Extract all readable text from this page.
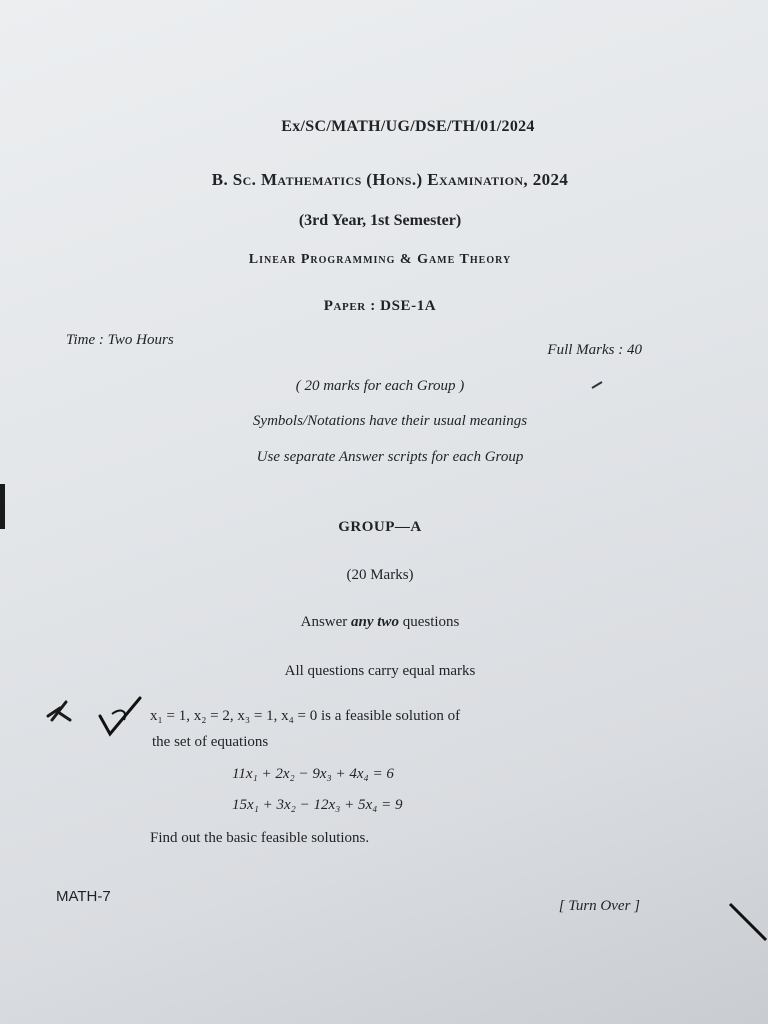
Ex/SC/MATH/UG/DSE/TH/01/2024
B. Sc. Mathematics (Hons.) Examination, 2024
(3rd Year, 1st Semester)
Linear Programming & Game Theory
Paper : DSE-1A
Time : Two Hours
Full Marks : 40
( 20 marks for each Group )
Symbols/Notations have their usual meanings
Use separate Answer scripts for each Group
GROUP—A
(20 Marks)
Answer any two questions
All questions carry equal marks
x₁ = 1, x₂ = 2, x₃ = 1, x₄ = 0 is a feasible solution of
the set of equations
11x₁ + 2x₂ − 9x₃ + 4x₄ = 6
15x₁ + 3x₂ − 12x₃ + 5x₄ = 9
Find out the basic feasible solutions.
MATH-7
[ Turn Over ]
